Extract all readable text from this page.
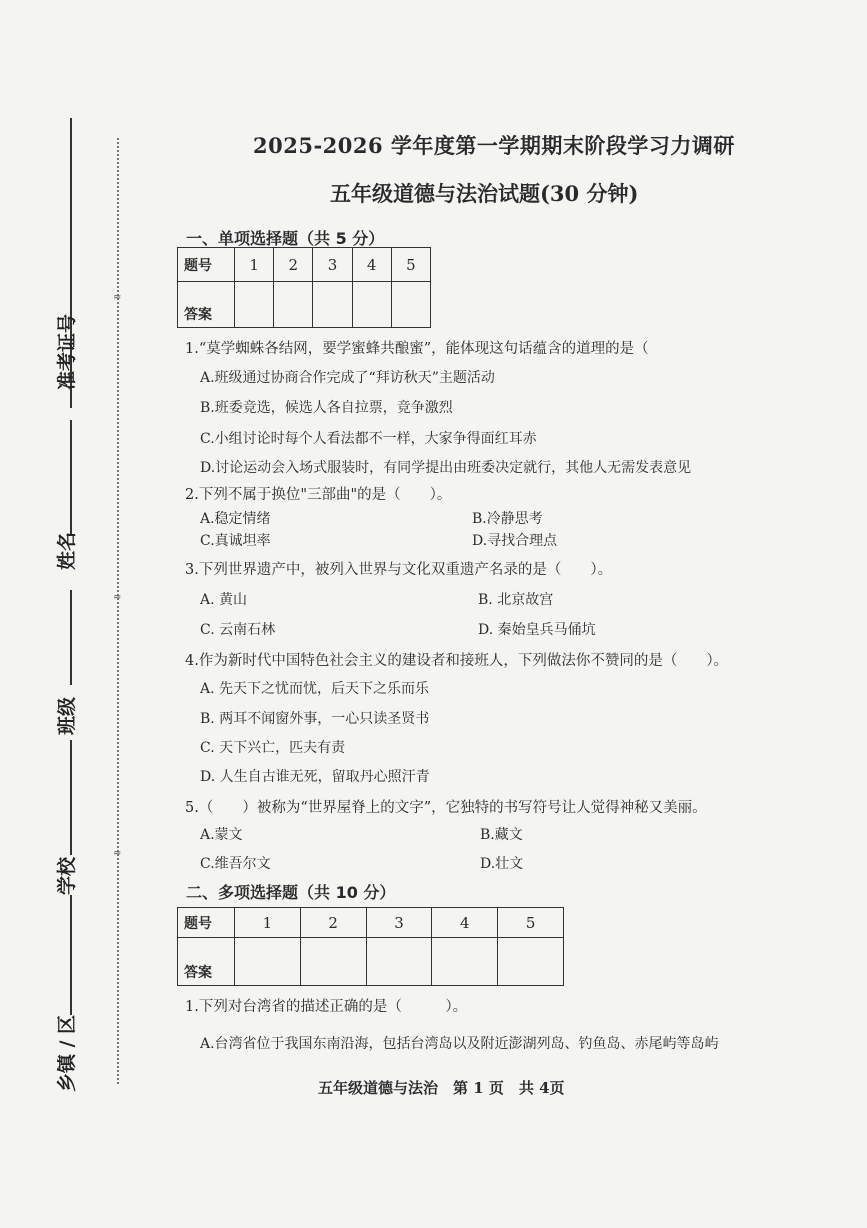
准考证号
姓名
班级
学校
乡镇 / 区
≈
≈
≈
2025-2026 学年度第一学期期末阶段学习力调研
五年级道德与法治试题(30 分钟)
一、单项选择题（共 5 分）
题号	1	2	3	4	5
答案					
1.“莫学蜘蛛各结网，要学蜜蜂共酿蜜”，能体现这句话蕴含的道理的是（
A.班级通过协商合作完成了“拜访秋天”主题活动
B.班委竞选，候选人各自拉票，竞争激烈
C.小组讨论时每个人看法都不一样，大家争得面红耳赤
D.讨论运动会入场式服装时，有同学提出由班委决定就行，其他人无需发表意见
2.下列不属于换位"三部曲"的是（　　）。
A.稳定情绪	B.冷静思考
C.真诚坦率	D.寻找合理点
3.下列世界遗产中，被列入世界与文化双重遗产名录的是（　　）。
A. 黄山	B. 北京故宫
C. 云南石林	D. 秦始皇兵马俑坑
4.作为新时代中国特色社会主义的建设者和接班人，下列做法你不赞同的是（　　）。
A. 先天下之忧而忧，后天下之乐而乐
B. 两耳不闻窗外事，一心只读圣贤书
C. 天下兴亡，匹夫有责
D. 人生自古谁无死，留取丹心照汗青
5.（　　）被称为“世界屋脊上的文字”，它独特的书写符号让人觉得神秘又美丽。
A.蒙文	B.藏文
C.维吾尔文	D.壮文
二、多项选择题（共 10 分）
题号	1	2	3	4	5
答案					
1.下列对台湾省的描述正确的是（　　　）。
A.台湾省位于我国东南沿海，包括台湾岛以及附近澎湖列岛、钓鱼岛、赤尾屿等岛屿
五年级道德与法治　第 1 页　共 4页
